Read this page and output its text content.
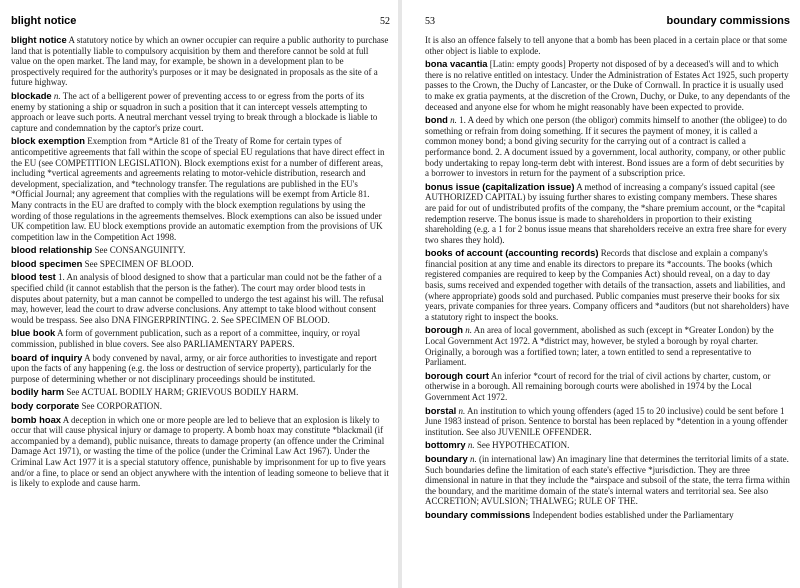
blight notice	52

blight notice A statutory notice by which an owner occupier can require a public authority to purchase land that is potentially liable to compulsory acquisition by them and therefore cannot be sold at full value on the open market. The land may, for example, be shown in a development plan to be prospectively required for the authority's purposes or it may be designated in proposals as the site of a future highway.

blockade n. The act of a belligerent power of preventing access to or egress from the ports of its enemy by stationing a ship or squadron in such a position that it can intercept vessels attempting to approach or leave such ports. A neutral merchant vessel trying to break through a blockade is liable to capture and condemnation by the captor's prize court.

block exemption Exemption from *Article 81 of the Treaty of Rome for certain types of anticompetitive agreements that fall within the scope of special EU regulations that have direct effect in the EU (see COMPETITION LEGISLATION). Block exemptions exist for a number of different areas, including *vertical agreements and agreements relating to motor-vehicle distribution, research and development, specialization, and *technology transfer. The regulations are published in the EU's *Official Journal; any agreement that complies with the regulations will be exempt from Article 81. Many contracts in the EU are drafted to comply with the block exemption regulations by using the wording of those regulations in the agreements themselves. Block exemptions can also be issued under UK competition law. EU block exemptions provide an automatic exemption from the provisions of UK competition law in the Competition Act 1998.

blood relationship See CONSANGUINITY.

blood specimen See SPECIMEN OF BLOOD.

blood test 1. An analysis of blood designed to show that a particular man could not be the father of a specified child (it cannot establish that the person is the father). The court may order blood tests in disputes about paternity, but a man cannot be compelled to undergo the test against his will. The refusal may, however, lead the court to draw adverse conclusions. Any attempt to take blood without consent would be trespass. See also DNA FINGERPRINTING. 2. See SPECIMEN OF BLOOD.

blue book A form of government publication, such as a report of a committee, inquiry, or royal commission, published in blue covers. See also PARLIAMENTARY PAPERS.

board of inquiry A body convened by naval, army, or air force authorities to investigate and report upon the facts of any happening (e.g. the loss or destruction of service property), particularly for the purpose of determining whether or not disciplinary proceedings should be instituted.

bodily harm See ACTUAL BODILY HARM; GRIEVOUS BODILY HARM.

body corporate See CORPORATION.

bomb hoax A deception in which one or more people are led to believe that an explosion is likely to occur that will cause physical injury or damage to property. A bomb hoax may constitute *blackmail (if accompanied by a demand), public nuisance, threats to damage property (an offence under the Criminal Damage Act 1971), or wasting the time of the police (under the Criminal Law Act 1967). Under the Criminal Law Act 1977 it is a special statutory offence, punishable by imprisonment for up to five years and/or a fine, to place or send an object anywhere with the intention of leading someone to believe that it is likely to explode and cause harm.

53	boundary commissions

It is also an offence falsely to tell anyone that a bomb has been placed in a certain place or that some other object is liable to explode.

bona vacantia [Latin: empty goods] Property not disposed of by a deceased's will and to which there is no relative entitled on intestacy. Under the Administration of Estates Act 1925, such property passes to the Crown, the Duchy of Lancaster, or the Duke of Cornwall. In practice it is usually used to make ex gratia payments, at the discretion of the Crown, Duchy, or Duke, to any dependants of the deceased and anyone else for whom he might reasonably have been expected to provide.

bond n. 1. A deed by which one person (the obligor) commits himself to another (the obligee) to do something or refrain from doing something. If it secures the payment of money, it is called a common money bond; a bond giving security for the carrying out of a contract is called a performance bond. 2. A document issued by a government, local authority, company, or other public body undertaking to repay long-term debt with interest. Bond issues are a form of debt securities by a borrower to investors in return for the payment of a subscription price.

bonus issue (capitalization issue) A method of increasing a company's issued capital (see AUTHORIZED CAPITAL) by issuing further shares to existing company members. These shares are paid for out of undistributed profits of the company, the *share premium account, or the *capital redemption reserve. The bonus issue is made to shareholders in proportion to their existing shareholding (e.g. a 1 for 2 bonus issue means that shareholders receive an extra free share for every two shares they hold).

books of account (accounting records) Records that disclose and explain a company's financial position at any time and enable its directors to prepare its *accounts. The books (which registered companies are required to keep by the Companies Act) should reveal, on a day to day basis, sums received and expended together with details of the transaction, assets and liabilities, and (where appropriate) goods sold and purchased. Public companies must preserve their books for six years, private companies for three years. Company officers and *auditors (but not shareholders) have a statutory right to inspect the books.

borough n. An area of local government, abolished as such (except in *Greater London) by the Local Government Act 1972. A *district may, however, be styled a borough by royal charter. Originally, a borough was a fortified town; later, a town entitled to send a representative to Parliament.

borough court An inferior *court of record for the trial of civil actions by charter, custom, or otherwise in a borough. All remaining borough courts were abolished in 1974 by the Local Government Act 1972.

borstal n. An institution to which young offenders (aged 15 to 20 inclusive) could be sent before 1 June 1983 instead of prison. Sentence to borstal has been replaced by *detention in a young offender institution. See also JUVENILE OFFENDER.

bottomry n. See HYPOTHECATION.

boundary n. (in international law) An imaginary line that determines the territorial limits of a state. Such boundaries define the limitation of each state's effective *jurisdiction. They are three dimensional in nature in that they include the *airspace and subsoil of the state, the terra firma within the boundary, and the maritime domain of the state's internal waters and territorial sea. See also ACCRETION; AVULSION; THALWEG; RULE OF THE.

boundary commissions Independent bodies established under the Parliamentary
